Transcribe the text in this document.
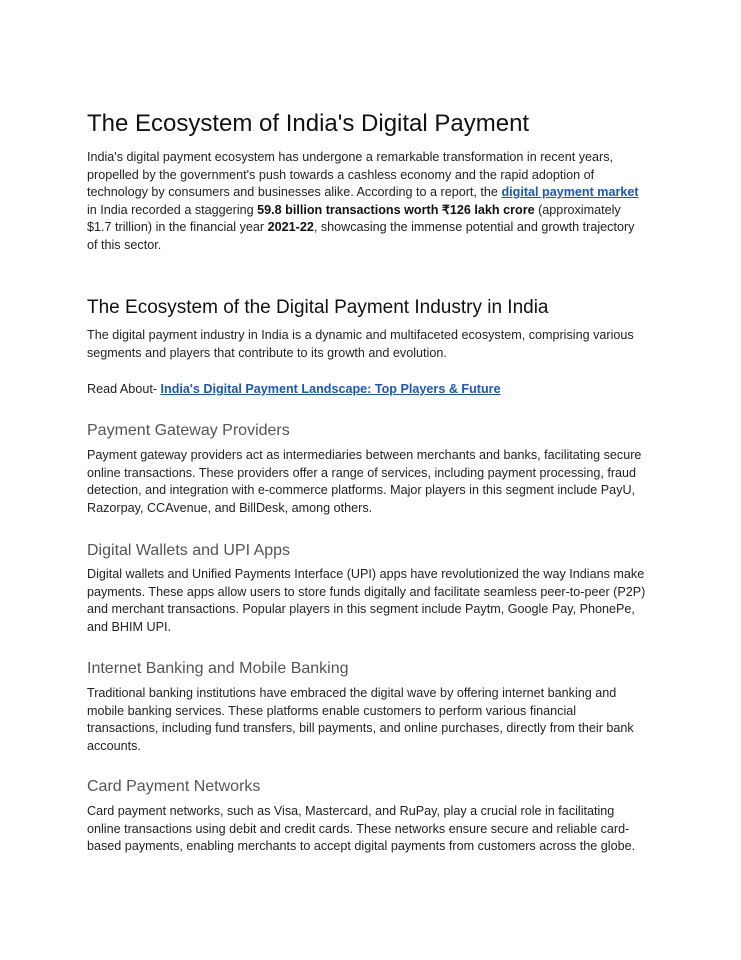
The Ecosystem of India's Digital Payment

India's digital payment ecosystem has undergone a remarkable transformation in recent years, propelled by the government's push towards a cashless economy and the rapid adoption of technology by consumers and businesses alike. According to a report, the digital payment market in India recorded a staggering 59.8 billion transactions worth ₹126 lakh crore (approximately $1.7 trillion) in the financial year 2021-22, showcasing the immense potential and growth trajectory of this sector.

The Ecosystem of the Digital Payment Industry in India

The digital payment industry in India is a dynamic and multifaceted ecosystem, comprising various segments and players that contribute to its growth and evolution.

Read About- India's Digital Payment Landscape: Top Players & Future

Payment Gateway Providers

Payment gateway providers act as intermediaries between merchants and banks, facilitating secure online transactions. These providers offer a range of services, including payment processing, fraud detection, and integration with e-commerce platforms. Major players in this segment include PayU, Razorpay, CCAvenue, and BillDesk, among others.

Digital Wallets and UPI Apps

Digital wallets and Unified Payments Interface (UPI) apps have revolutionized the way Indians make payments. These apps allow users to store funds digitally and facilitate seamless peer-to-peer (P2P) and merchant transactions. Popular players in this segment include Paytm, Google Pay, PhonePe, and BHIM UPI.

Internet Banking and Mobile Banking

Traditional banking institutions have embraced the digital wave by offering internet banking and mobile banking services. These platforms enable customers to perform various financial transactions, including fund transfers, bill payments, and online purchases, directly from their bank accounts.

Card Payment Networks

Card payment networks, such as Visa, Mastercard, and RuPay, play a crucial role in facilitating online transactions using debit and credit cards. These networks ensure secure and reliable card-based payments, enabling merchants to accept digital payments from customers across the globe.
